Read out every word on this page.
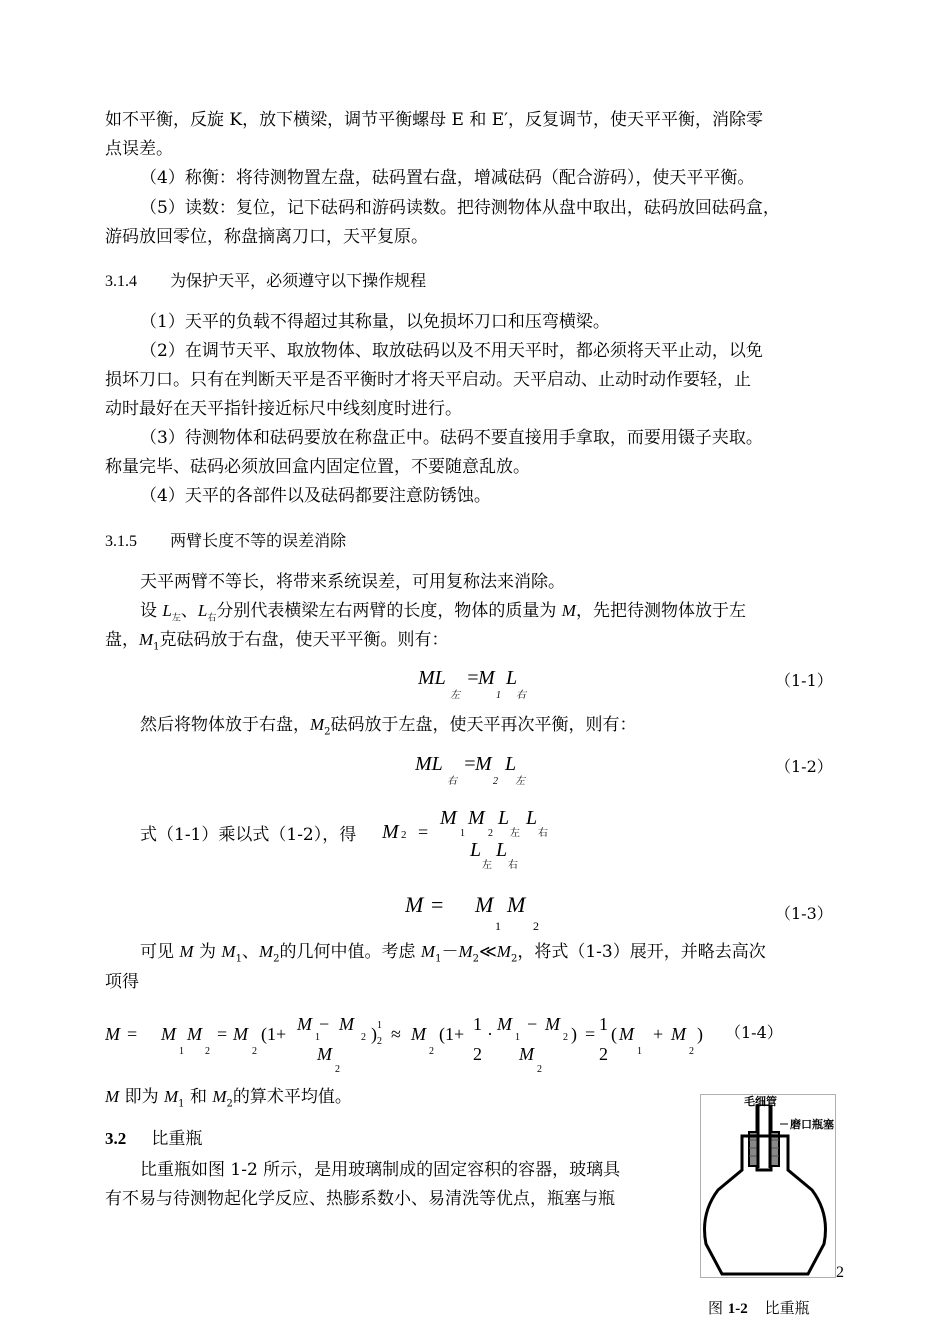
如不平衡，反旋 K，放下横梁，调节平衡螺母 E 和 E′，反复调节，使天平平衡，消除零
点误差。
（4）称衡：将待测物置左盘，砝码置右盘，增减砝码（配合游码），使天平平衡。
（5）读数：复位，记下砝码和游码读数。把待测物体从盘中取出，砝码放回砝码盒，
游码放回零位，称盘摘离刀口，天平复原。
3.1.4 为保护天平，必须遵守以下操作规程
（1）天平的负载不得超过其称量，以免损坏刀口和压弯横梁。
（2）在调节天平、取放物体、取放砝码以及不用天平时，都必须将天平止动，以免
损坏刀口。只有在判断天平是否平衡时才将天平启动。天平启动、止动时动作要轻，止
动时最好在天平指针接近标尺中线刻度时进行。
（3）待测物体和砝码要放在称盘正中。砝码不要直接用手拿取，而要用镊子夹取。
称量完毕、砝码必须放回盒内固定位置，不要随意乱放。
（4）天平的各部件以及砝码都要注意防锈蚀。
3.1.5 两臂长度不等的误差消除
天平两臂不等长，将带来系统误差，可用复称法来消除。
设 $L_左$、$L_右$分别代表横梁左右两臂的长度，物体的质量为 M，先把待测物体放于左
盘，$M_1$克砝码放于右盘，使天平平衡。则有：
ML
左
=
M
1
L
右
（1-1）
然后将物体放于右盘，$M_2$砝码放于左盘，使天平再次平衡，则有：
ML
右
=
M
2
L
左
（1-2）
式（1-1）乘以式（1-2），得 M 2 =
M
1
M
2
L
左
L
右
L
左
L
右
M = M
1
M
2
（1-3）
可见 M 为 $M_1$、$M_2$的几何中值。考虑 $M_1-M_2≪M_2$，将式（1-3）展开，并略去高次
项得
M = M
1
M
2
= M
2
(1+ M − M
1	2
M
2
) 1
2 ≈ M
2
(1+ 1
2
· M
1
− M
M
2
2 ) = 1
2
( M
1
+ M
2
) （1-4）
M 即为 $M_1$ 和 $M_2$的算术平均值。
3.2 比重瓶
比重瓶如图 1-2 所示，是用玻璃制成的固定容积的容器，玻璃具
有不易与待测物起化学反应、热膨系数小、易清洗等优点，瓶塞与瓶
毛细管
磨口瓶塞
2
图 1-2 比重瓶
